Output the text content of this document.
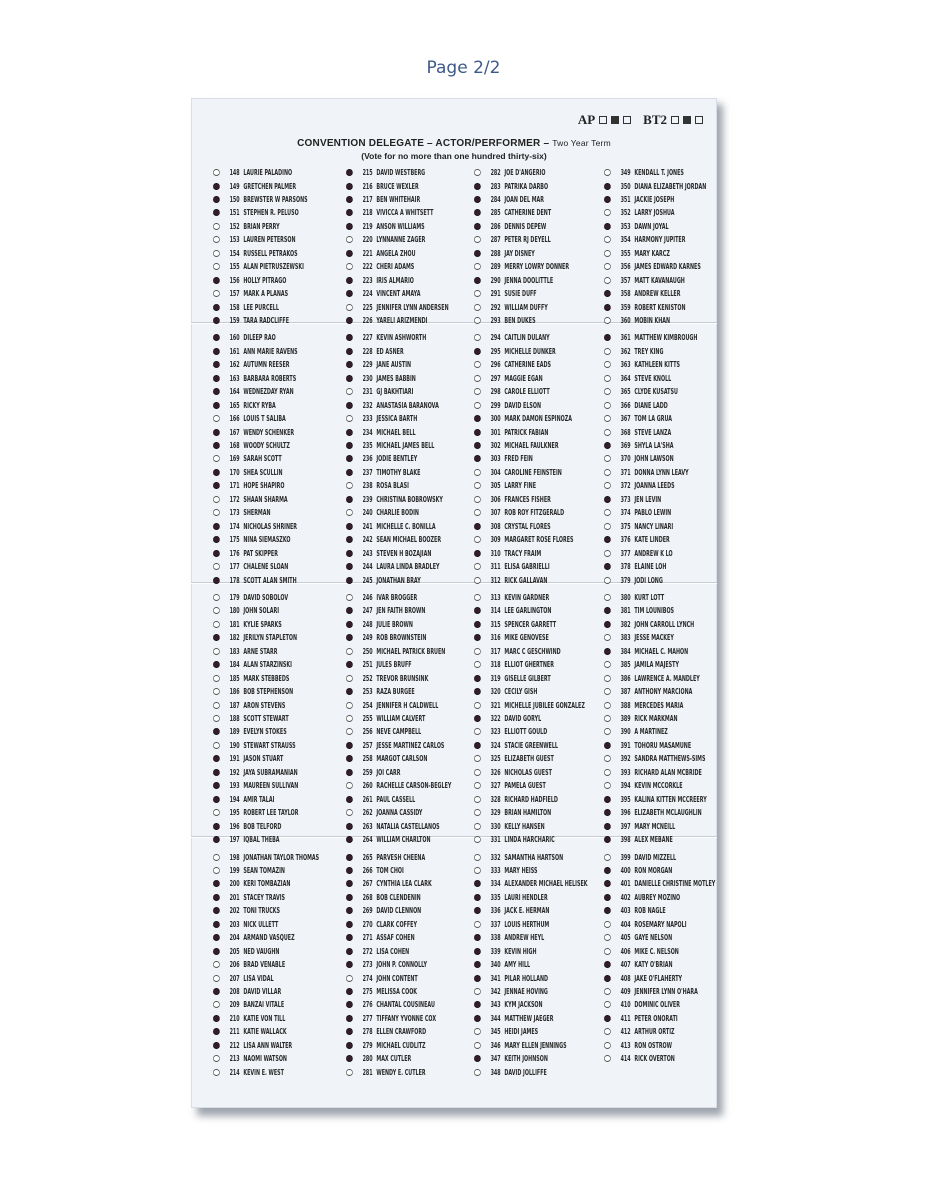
Page 2/2
AP	BT2
CONVENTION DELEGATE – ACTOR/PERFORMER – Two Year Term
(Vote for no more than one hundred thirty-six)
148 LAURIE PALADINO
149 GRETCHEN PALMER
150 BREWSTER W PARSONS
151 STEPHEN R. PELUSO
152 BRIAN PERRY
153 LAUREN PETERSON
154 RUSSELL PETRAKOS
155 ALAN PIETRUSZEWSKI
156 HOLLY PITRAGO
157 MARK A PLANAS
158 LEE PURCELL
159 TARA RADCLIFFE
160 DILEEP RAO
161 ANN MARIE RAVENS
162 AUTUMN REESER
163 BARBARA ROBERTS
164 WEDNEZDAY RYAN
165 RICKY RYBA
166 LOUIS T SALIBA
167 WENDY SCHENKER
168 WOODY SCHULTZ
169 SARAH SCOTT
170 SHEA SCULLIN
171 HOPE SHAPIRO
172 SHAAN SHARMA
173 SHERMAN
174 NICHOLAS SHRINER
175 NINA SIEMASZKO
176 PAT SKIPPER
177 CHALENE SLOAN
178 SCOTT ALAN SMITH
179 DAVID SOBOLOV
180 JOHN SOLARI
181 KYLIE SPARKS
182 JERILYN STAPLETON
183 ARNE STARR
184 ALAN STARZINSKI
185 MARK STEBBEDS
186 BOB STEPHENSON
187 ARON STEVENS
188 SCOTT STEWART
189 EVELYN STOKES
190 STEWART STRAUSS
191 JASON STUART
192 JAYA SUBRAMANIAN
193 MAUREEN SULLIVAN
194 AMIR TALAI
195 ROBERT LEE TAYLOR
196 BOB TELFORD
197 IQBAL THEBA
198 JONATHAN TAYLOR THOMAS
199 SEAN TOMAZIN
200 KERI TOMBAZIAN
201 STACEY TRAVIS
202 TONI TRUCKS
203 NICK ULLETT
204 ARMAND VASQUEZ
205 NED VAUGHN
206 BRAD VENABLE
207 LISA VIDAL
208 DAVID VILLAR
209 BANZAI VITALE
210 KATIE VON TILL
211 KATIE WALLACK
212 LISA ANN WALTER
213 NAOMI WATSON
214 KEVIN E. WEST
215 DAVID WESTBERG
216 BRUCE WEXLER
217 BEN WHITEHAIR
218 VIVICCA A WHITSETT
219 ANSON WILLIAMS
220 LYNNANNE ZAGER
221 ANGELA ZHOU
222 CHERI ADAMS
223 IRIS ALMARIO
224 VINCENT AMAYA
225 JENNIFER LYNN ANDERSEN
226 YARELI ARIZMENDI
227 KEVIN ASHWORTH
228 ED ASNER
229 JANE AUSTIN
230 JAMES BABBIN
231 GJ BAKHTIARI
232 ANASTASIA BARANOVA
233 JESSICA BARTH
234 MICHAEL BELL
235 MICHAEL JAMES BELL
236 JODIE BENTLEY
237 TIMOTHY BLAKE
238 ROSA BLASI
239 CHRISTINA BOBROWSKY
240 CHARLIE BODIN
241 MICHELLE C. BONILLA
242 SEAN MICHAEL BOOZER
243 STEVEN H BOZAJIAN
244 LAURA LINDA BRADLEY
245 JONATHAN BRAY
246 IVAR BROGGER
247 JEN FAITH BROWN
248 JULIE BROWN
249 ROB BROWNSTEIN
250 MICHAEL PATRICK BRUEN
251 JULES BRUFF
252 TREVOR BRUNSINK
253 RAZA BURGEE
254 JENNIFER H CALDWELL
255 WILLIAM CALVERT
256 NEVE CAMPBELL
257 JESSE MARTINEZ CARLOS
258 MARGOT CARLSON
259 JOI CARR
260 RACHELLE CARSON-BEGLEY
261 PAUL CASSELL
262 JOANNA CASSIDY
263 NATALIA CASTELLANOS
264 WILLIAM CHARLTON
265 PARVESH CHEENA
266 TOM CHOI
267 CYNTHIA LEA CLARK
268 BOB CLENDENIN
269 DAVID CLENNON
270 CLARK COFFEY
271 ASSAF COHEN
272 LISA COHEN
273 JOHN P. CONNOLLY
274 JOHN CONTENT
275 MELISSA COOK
276 CHANTAL COUSINEAU
277 TIFFANY YVONNE COX
278 ELLEN CRAWFORD
279 MICHAEL CUDLITZ
280 MAX CUTLER
281 WENDY E. CUTLER
282 JOE D'ANGERIO
283 PATRIKA DARBO
284 JOAN DEL MAR
285 CATHERINE DENT
286 DENNIS DEPEW
287 PETER RJ DEYELL
288 JAY DISNEY
289 MERRY LOWRY DONNER
290 JENNA DOOLITTLE
291 SUSIE DUFF
292 WILLIAM DUFFY
293 BEN DUKES
294 CAITLIN DULANY
295 MICHELLE DUNKER
296 CATHERINE EADS
297 MAGGIE EGAN
298 CAROLE ELLIOTT
299 DAVID ELSON
300 MARK DAMON ESPINOZA
301 PATRICK FABIAN
302 MICHAEL FAULKNER
303 FRED FEIN
304 CAROLINE FEINSTEIN
305 LARRY FINE
306 FRANCES FISHER
307 ROB ROY FITZGERALD
308 CRYSTAL FLORES
309 MARGARET ROSE FLORES
310 TRACY FRAIM
311 ELISA GABRIELLI
312 RICK GALLAVAN
313 KEVIN GARDNER
314 LEE GARLINGTON
315 SPENCER GARRETT
316 MIKE GENOVESE
317 MARC C GESCHWIND
318 ELLIOT GHERTNER
319 GISELLE GILBERT
320 CECILY GISH
321 MICHELLE JUBILEE GONZALEZ
322 DAVID GORYL
323 ELLIOTT GOULD
324 STACIE GREENWELL
325 ELIZABETH GUEST
326 NICHOLAS GUEST
327 PAMELA GUEST
328 RICHARD HADFIELD
329 BRIAN HAMILTON
330 KELLY HANSEN
331 LINDA HARCHARIC
332 SAMANTHA HARTSON
333 MARY HEISS
334 ALEXANDER MICHAEL HELISEK
335 LAURI HENDLER
336 JACK E. HERMAN
337 LOUIS HERTHUM
338 ANDREW HEYL
339 KEVIN HIGH
340 AMY HILL
341 PILAR HOLLAND
342 JENNAE HOVING
343 KYM JACKSON
344 MATTHEW JAEGER
345 HEIDI JAMES
346 MARY ELLEN JENNINGS
347 KEITH JOHNSON
348 DAVID JOLLIFFE
349 KENDALL T. JONES
350 DIANA ELIZABETH JORDAN
351 JACKIE JOSEPH
352 LARRY JOSHUA
353 DAWN JOYAL
354 HARMONY JUPITER
355 MARY KARCZ
356 JAMES EDWARD KARNES
357 MATT KAVANAUGH
358 ANDREW KELLER
359 ROBERT KENISTON
360 MOBIN KHAN
361 MATTHEW KIMBROUGH
362 TREY KING
363 KATHLEEN KITTS
364 STEVE KNOLL
365 CLYDE KUSATSU
366 DIANE LADD
367 TOM LA GRUA
368 STEVE LANZA
369 SHYLA LA'SHA
370 JOHN LAWSON
371 DONNA LYNN LEAVY
372 JOANNA LEEDS
373 JEN LEVIN
374 PABLO LEWIN
375 NANCY LINARI
376 KATE LINDER
377 ANDREW K LO
378 ELAINE LOH
379 JODI LONG
380 KURT LOTT
381 TIM LOUNIBOS
382 JOHN CARROLL LYNCH
383 JESSE MACKEY
384 MICHAEL C. MAHON
385 JAMILA MAJESTY
386 LAWRENCE A. MANDLEY
387 ANTHONY MARCIONA
388 MERCEDES MARIA
389 RICK MARKMAN
390 A MARTINEZ
391 TOHORU MASAMUNE
392 SANDRA MATTHEWS-SIMS
393 RICHARD ALAN MCBRIDE
394 KEVIN MCCORKLE
395 KALINA KITTEN MCCREERY
396 ELIZABETH MCLAUGHLIN
397 MARY MCNEILL
398 ALEX MEBANE
399 DAVID MIZZELL
400 RON MORGAN
401 DANIELLE CHRISTINE MOTLEY
402 AUBREY MOZINO
403 ROB NAGLE
404 ROSEMARY NAPOLI
405 GAYE NELSON
406 MIKE C. NELSON
407 KATY O'BRIAN
408 JAKE O'FLAHERTY
409 JENNIFER LYNN O'HARA
410 DOMINIC OLIVER
411 PETER ONORATI
412 ARTHUR ORTIZ
413 RON OSTROW
414 RICK OVERTON
